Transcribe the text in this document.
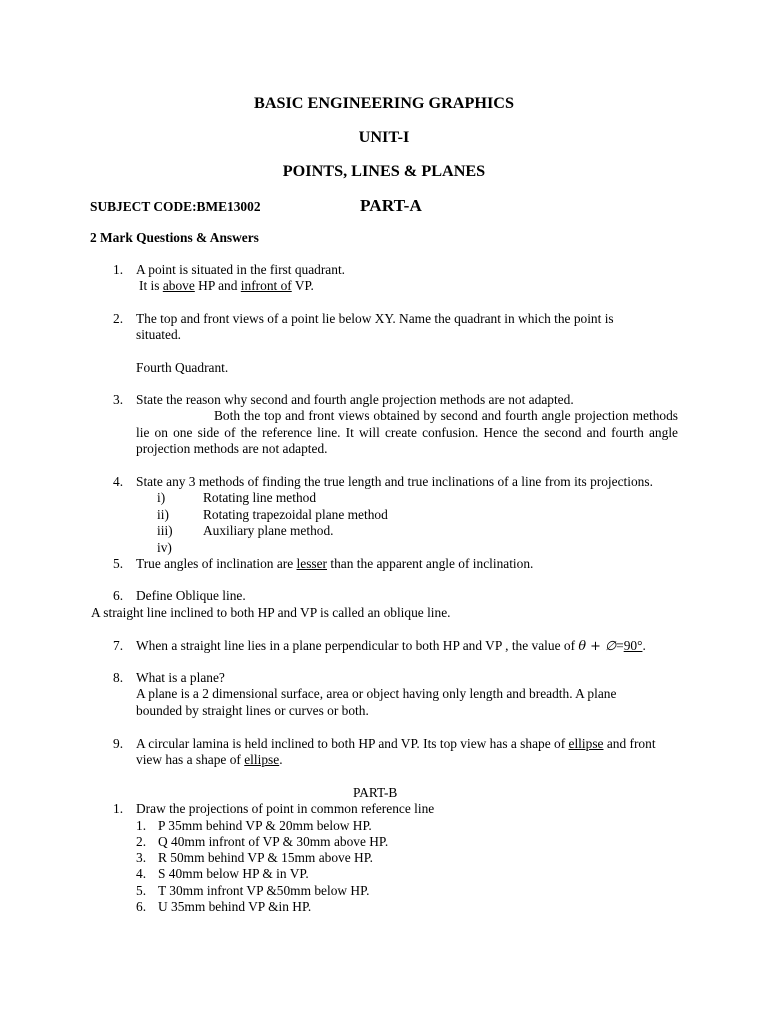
BASIC ENGINEERING GRAPHICS
UNIT-I
POINTS, LINES & PLANES
SUBJECT CODE:BME13002	PART-A
2 Mark Questions & Answers
1. A point is situated in the first quadrant.
It is above HP and infront of VP.
2. The top and front views of a point lie below XY. Name the quadrant in which the point is
situated.
Fourth Quadrant.
3. State the reason why second and fourth angle projection methods are not adapted.
Both the top and front views obtained by second and fourth angle projection methods lie on one side of the reference line. It will create confusion. Hence the second and fourth angle projection methods are not adapted.
4. State any 3 methods of finding the true length and true inclinations of a line from its projections.
i)	Rotating line method
ii)	Rotating trapezoidal plane method
iii) Auxiliary plane method.
iv)
5. True angles of inclination are lesser than the apparent angle of inclination.
6. Define Oblique line.
A straight line inclined to both HP and VP is called an oblique line.
7. When a straight line lies in a plane perpendicular to both HP and VP , the value of θ + ∅=90°.
8. What is a plane?
A plane is a 2 dimensional surface, area or object having only length and breadth. A plane
bounded by straight lines or curves or both.
9. A circular lamina is held inclined to both HP and VP. Its top view has a shape of ellipse and front
view has a shape of ellipse.
PART-B
1. Draw the projections of point in common reference line
1. P 35mm behind VP & 20mm below HP.
2. Q 40mm infront of VP & 30mm above HP.
3. R 50mm behind VP & 15mm above HP.
4. S 40mm below HP & in VP.
5. T 30mm infront VP &50mm below HP.
6. U 35mm behind VP &in HP.
